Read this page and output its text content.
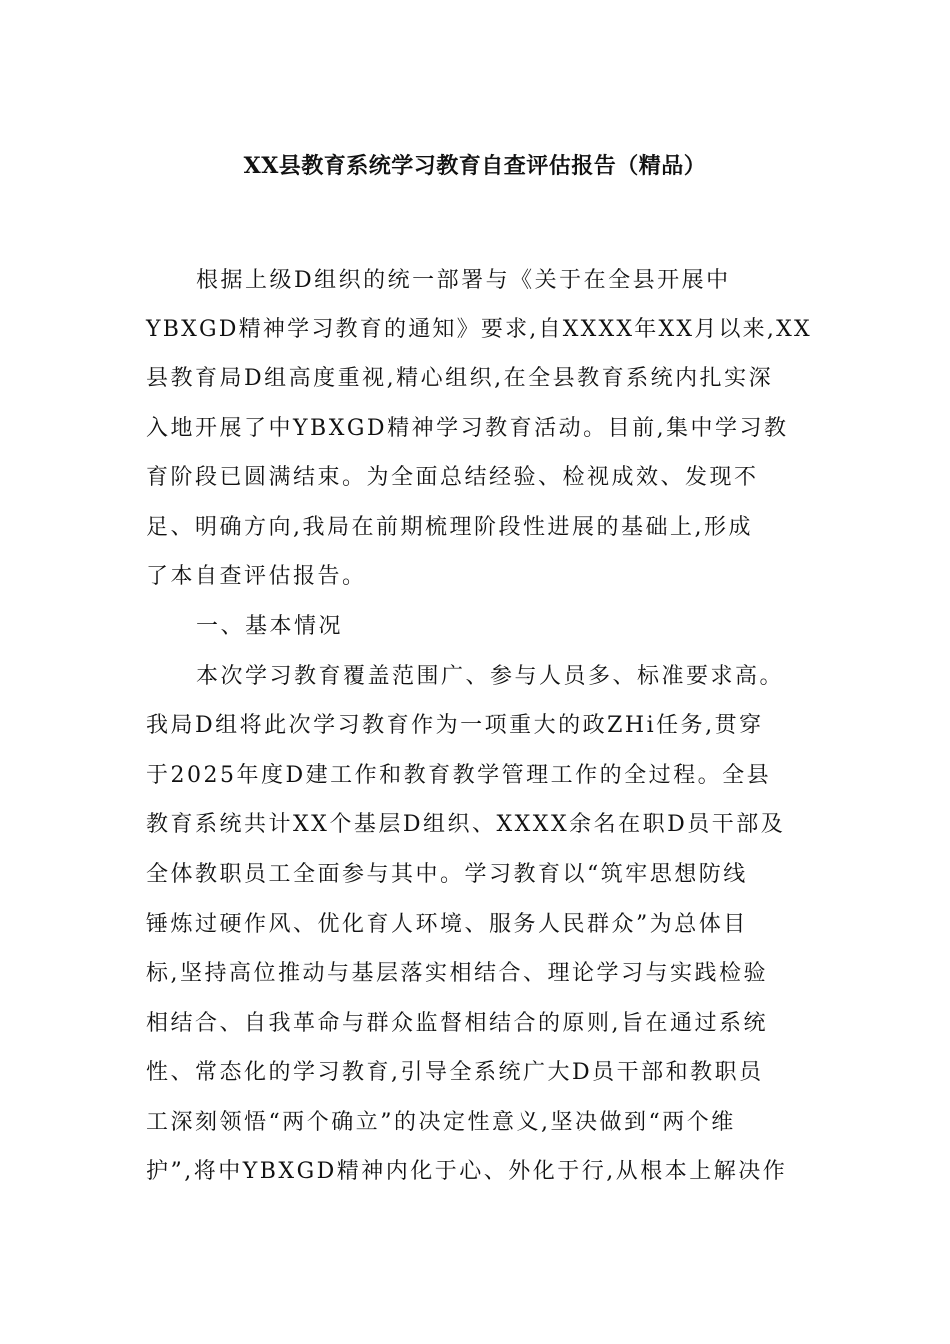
XX县教育系统学习教育自查评估报告（精品）
根据上级D组织的统一部署与《关于在全县开展中
YBXGD精神学习教育的通知》要求,自XXXX年XX月以来,XX
县教育局D组高度重视,精心组织,在全县教育系统内扎实深
入地开展了中YBXGD精神学习教育活动。目前,集中学习教
育阶段已圆满结束。为全面总结经验、检视成效、发现不
足、明确方向,我局在前期梳理阶段性进展的基础上,形成
了本自查评估报告。
一、基本情况
本次学习教育覆盖范围广、参与人员多、标准要求高。
我局D组将此次学习教育作为一项重大的政ZHi任务,贯穿
于2025年度D建工作和教育教学管理工作的全过程。全县
教育系统共计XX个基层D组织、XXXX余名在职D员干部及
全体教职员工全面参与其中。学习教育以“筑牢思想防线
锤炼过硬作风、优化育人环境、服务人民群众”为总体目
标,坚持高位推动与基层落实相结合、理论学习与实践检验
相结合、自我革命与群众监督相结合的原则,旨在通过系统
性、常态化的学习教育,引导全系统广大D员干部和教职员
工深刻领悟“两个确立”的决定性意义,坚决做到“两个维
护”,将中YBXGD精神内化于心、外化于行,从根本上解决作
